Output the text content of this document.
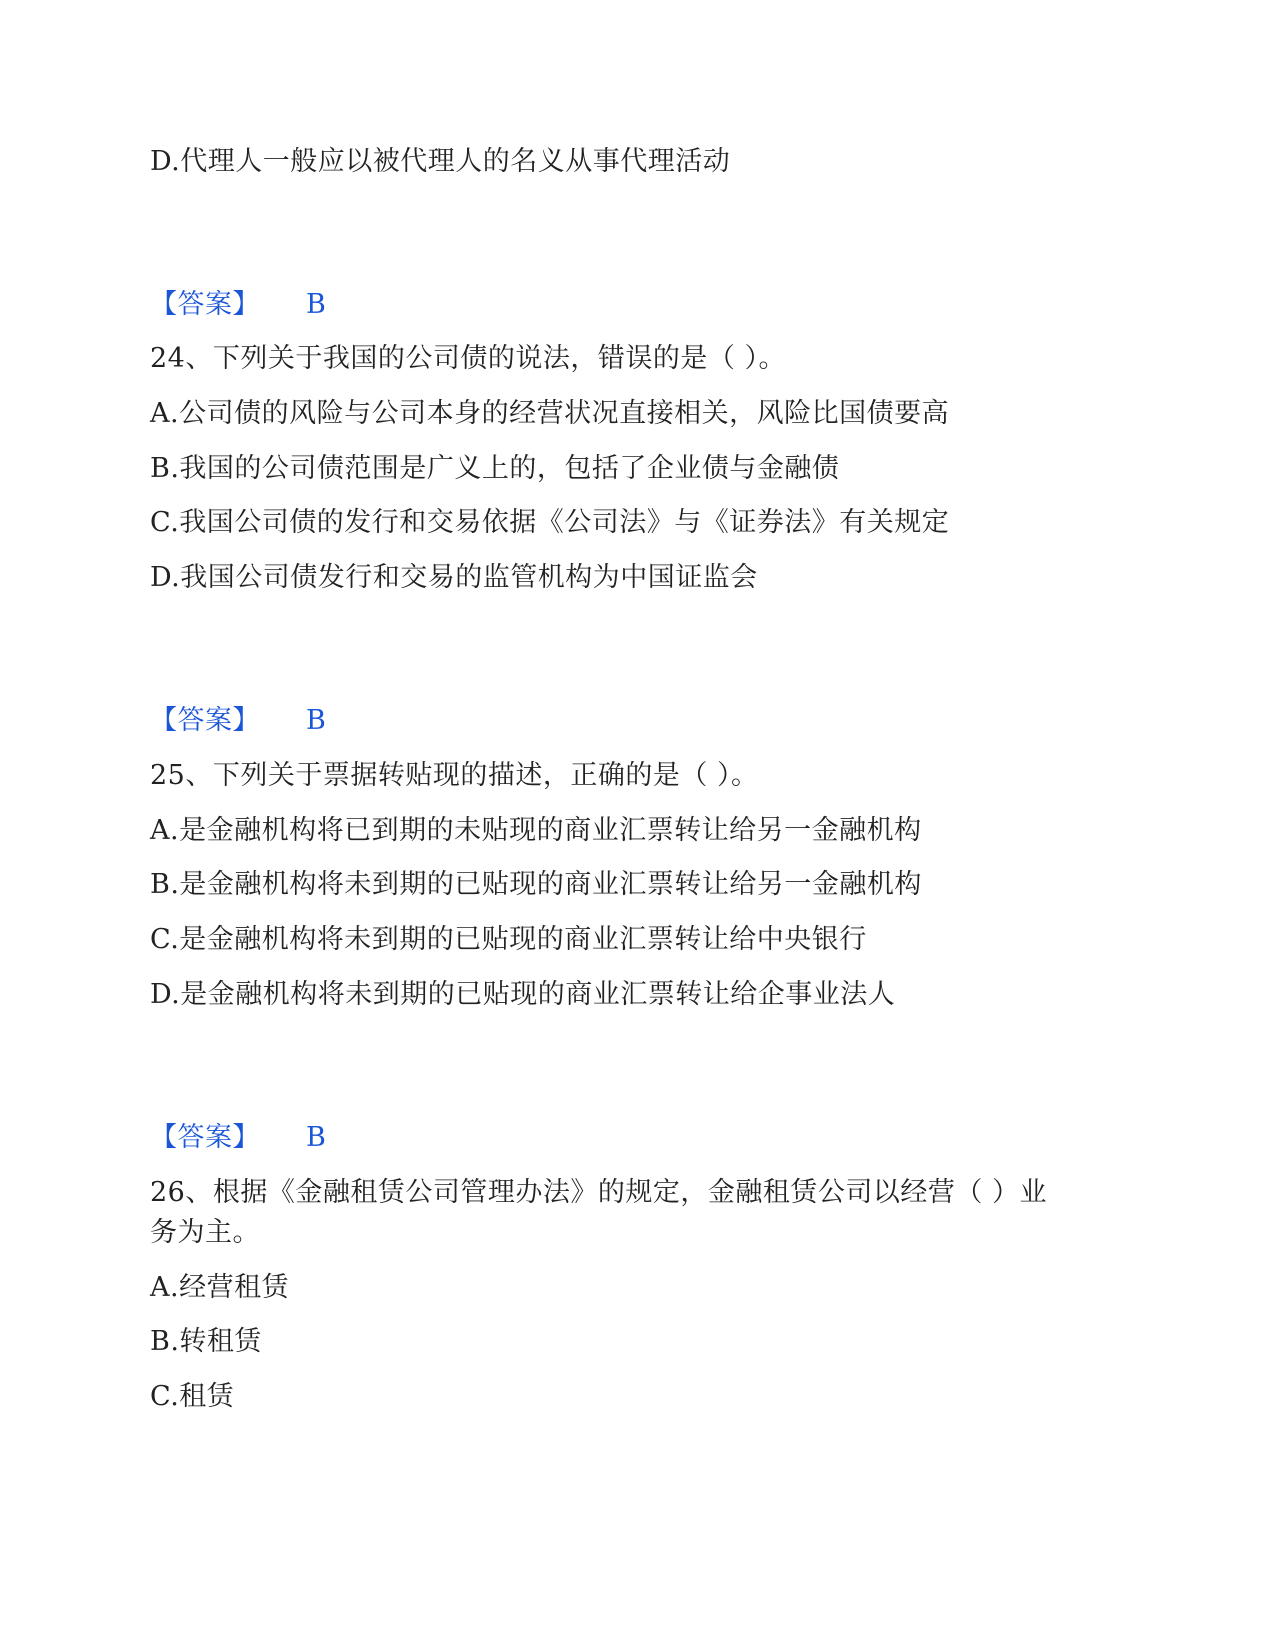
D.代理人一般应以被代理人的名义从事代理活动
【答案】 B
24、下列关于我国的公司债的说法，错误的是（ ）。
A.公司债的风险与公司本身的经营状况直接相关，风险比国债要高
B.我国的公司债范围是广义上的，包括了企业债与金融债
C.我国公司债的发行和交易依据《公司法》与《证券法》有关规定
D.我国公司债发行和交易的监管机构为中国证监会
【答案】 B
25、下列关于票据转贴现的描述，正确的是（ ）。
A.是金融机构将已到期的未贴现的商业汇票转让给另一金融机构
B.是金融机构将未到期的已贴现的商业汇票转让给另一金融机构
C.是金融机构将未到期的已贴现的商业汇票转让给中央银行
D.是金融机构将未到期的已贴现的商业汇票转让给企事业法人
【答案】 B
26、根据《金融租赁公司管理办法》的规定，金融租赁公司以经营（ ）业
务为主。
A.经营租赁
B.转租赁
C.租赁
